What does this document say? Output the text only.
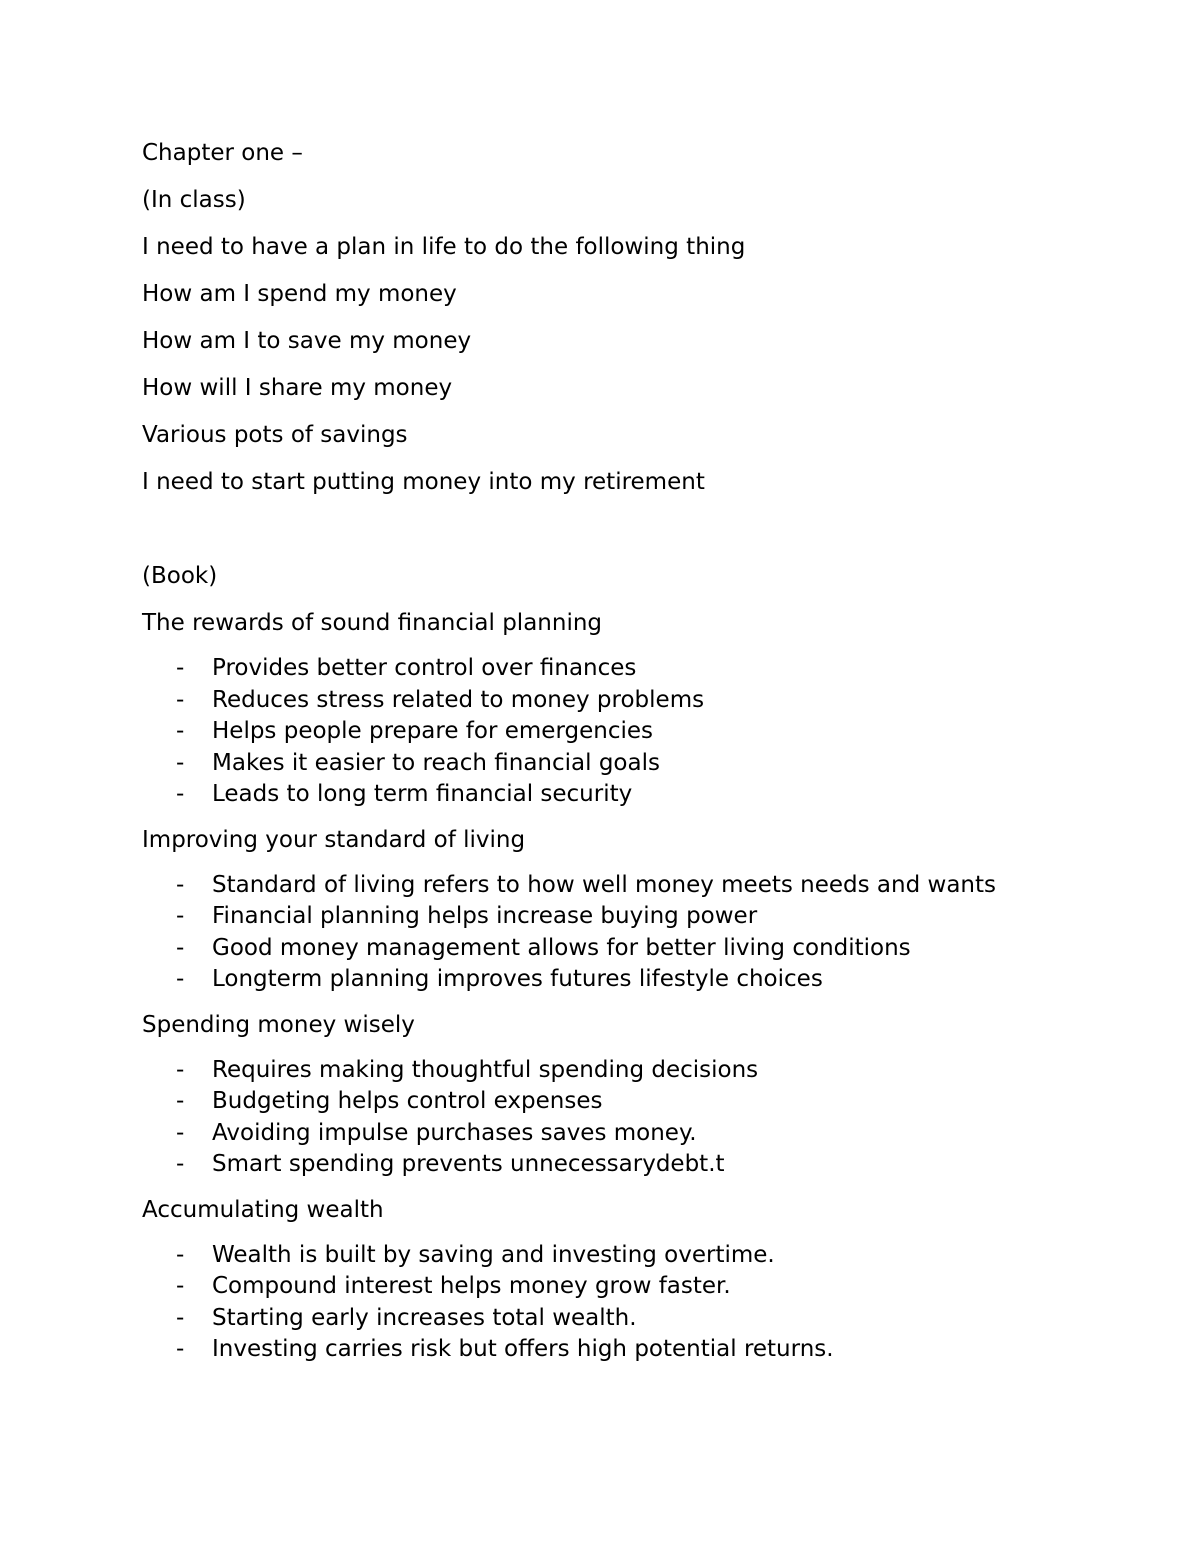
Chapter one –

(In class)

I need to have a plan in life to do the following thing

How am I spend my money

How am I to save my money

How will I share my money

Various pots of savings

I need to start putting money into my retirement

(Book)

The rewards of sound financial planning

- Provides better control over finances
- Reduces stress related to money problems
- Helps people prepare for emergencies
- Makes it easier to reach financial goals
- Leads to long term financial security

Improving your standard of living

- Standard of living refers to how well money meets needs and wants
- Financial planning helps increase buying power
- Good money management allows for better living conditions
- Longterm planning improves futures lifestyle choices

Spending money wisely

- Requires making thoughtful spending decisions
- Budgeting helps control expenses
- Avoiding impulse purchases saves money.
- Smart spending prevents unnecessarydebt.t

Accumulating wealth

- Wealth is built by saving and investing overtime.
- Compound interest helps money grow faster.
- Starting early increases total wealth.
- Investing carries risk but offers high potential returns.
